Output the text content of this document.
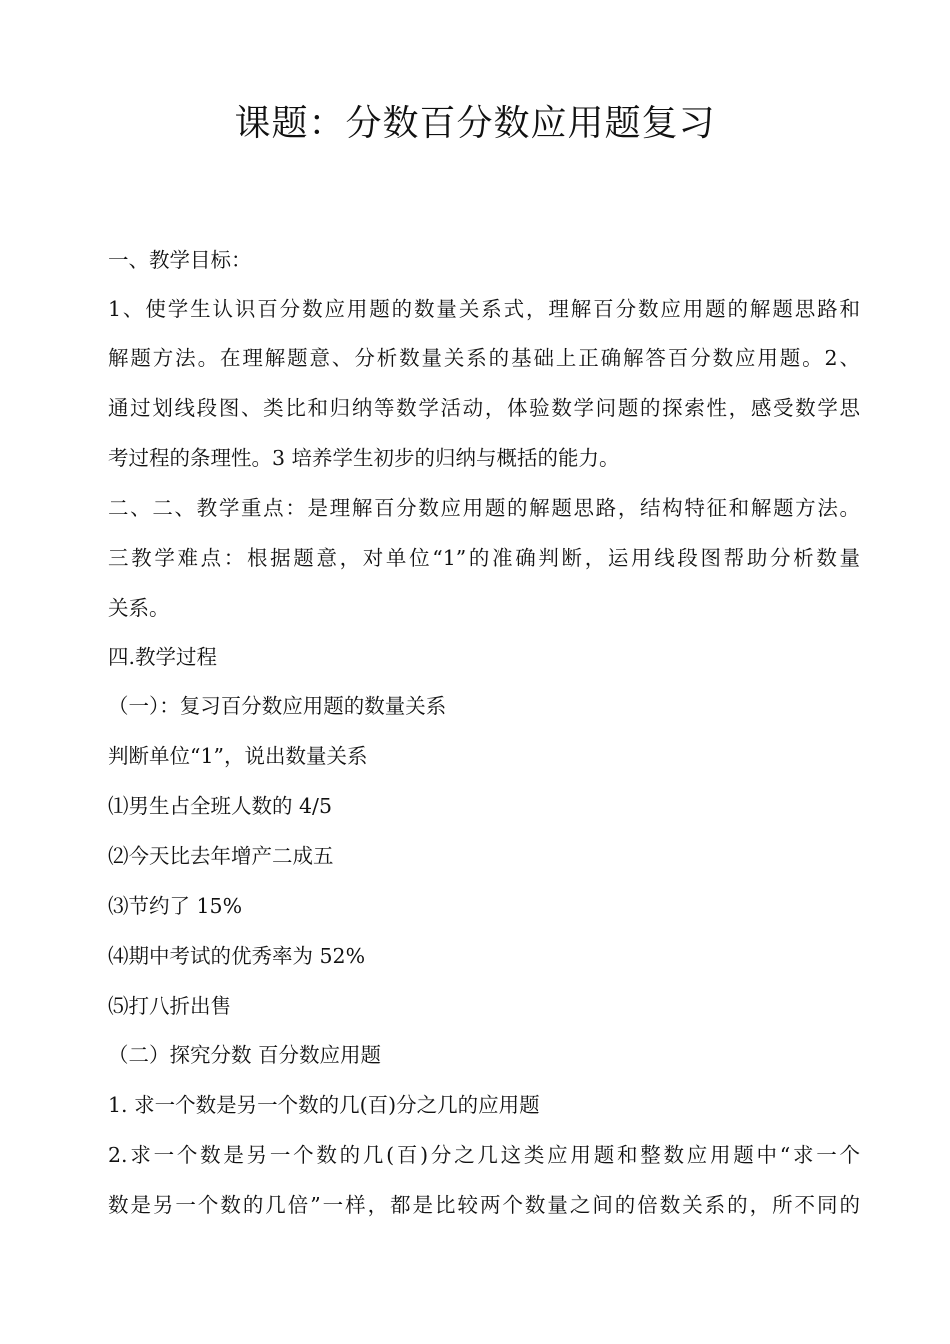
课题：分数百分数应用题复习
一、教学目标：
1、使学生认识百分数应用题的数量关系式，理解百分数应用题的解题思路和
解题方法。在理解题意、分析数量关系的基础上正确解答百分数应用题。2、
通过划线段图、类比和归纳等数学活动，体验数学问题的探索性，感受数学思
考过程的条理性。3 培养学生初步的归纳与概括的能力。
二、二、教学重点：是理解百分数应用题的解题思路，结构特征和解题方法。
三教学难点：根据题意，对单位“1”的准确判断，运用线段图帮助分析数量
关系。
四.教学过程
（一）：复习百分数应用题的数量关系
判断单位“1”，说出数量关系
⑴男生占全班人数的 4/5
⑵今天比去年增产二成五
⑶节约了 15%
⑷期中考试的优秀率为 52%
⑸打八折出售
（二）探究分数 百分数应用题
1. 求一个数是另一个数的几(百)分之几的应用题
2.求一个数是另一个数的几(百)分之几这类应用题和整数应用题中“求一个
数是另一个数的几倍”一样，都是比较两个数量之间的倍数关系的，所不同的
